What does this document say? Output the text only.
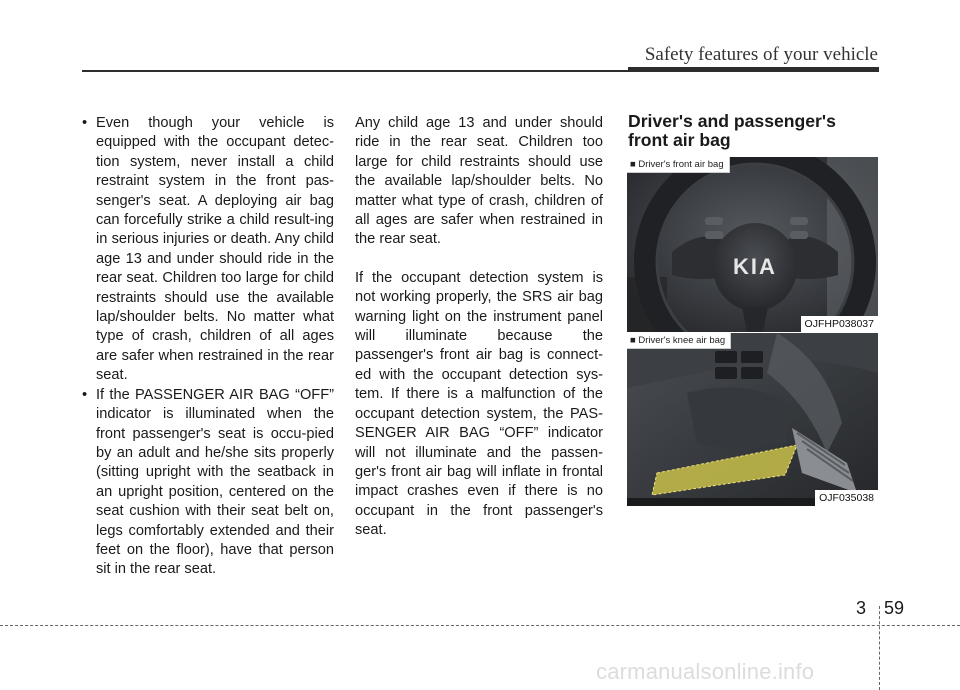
Safety features of your vehicle

• Even though your vehicle is equipped with the occupant detec-tion system, never install a child restraint system in the front pas-senger's seat. A deploying air bag can forcefully strike a child result-ing in serious injuries or death. Any child age 13 and under should ride in the rear seat. Children too large for child restraints should use the available lap/shoulder belts. No matter what type of crash, children of all ages are safer when restrained in the rear seat.

• If the PASSENGER AIR BAG “OFF” indicator is illuminated when the front passenger's seat is occu-pied by an adult and he/she sits properly (sitting upright with the seatback in an upright position, centered on the seat cushion with their seat belt on, legs comfortably extended and their feet on the floor), have that person sit in the rear seat.

Any child age 13 and under should ride in the rear seat. Children too large for child restraints should use the available lap/shoulder belts. No matter what type of crash, children of all ages are safer when restrained in the rear seat.

If the occupant detection system is not working properly, the SRS air bag warning light on the instrument panel will illuminate because the passenger's front air bag is connect-ed with the occupant detection sys-tem. If there is a malfunction of the occupant detection system, the PAS-SENGER AIR BAG “OFF” indicator will not illuminate and the passen-ger's front air bag will inflate in frontal impact crashes even if there is no occupant in the front passenger's seat.

Driver's and passenger's front air bag
KIA
■ Driver's front air bag
OJFHP038037
■ Driver's knee air bag
OJF035038
3 59
carmanualsonline.info
